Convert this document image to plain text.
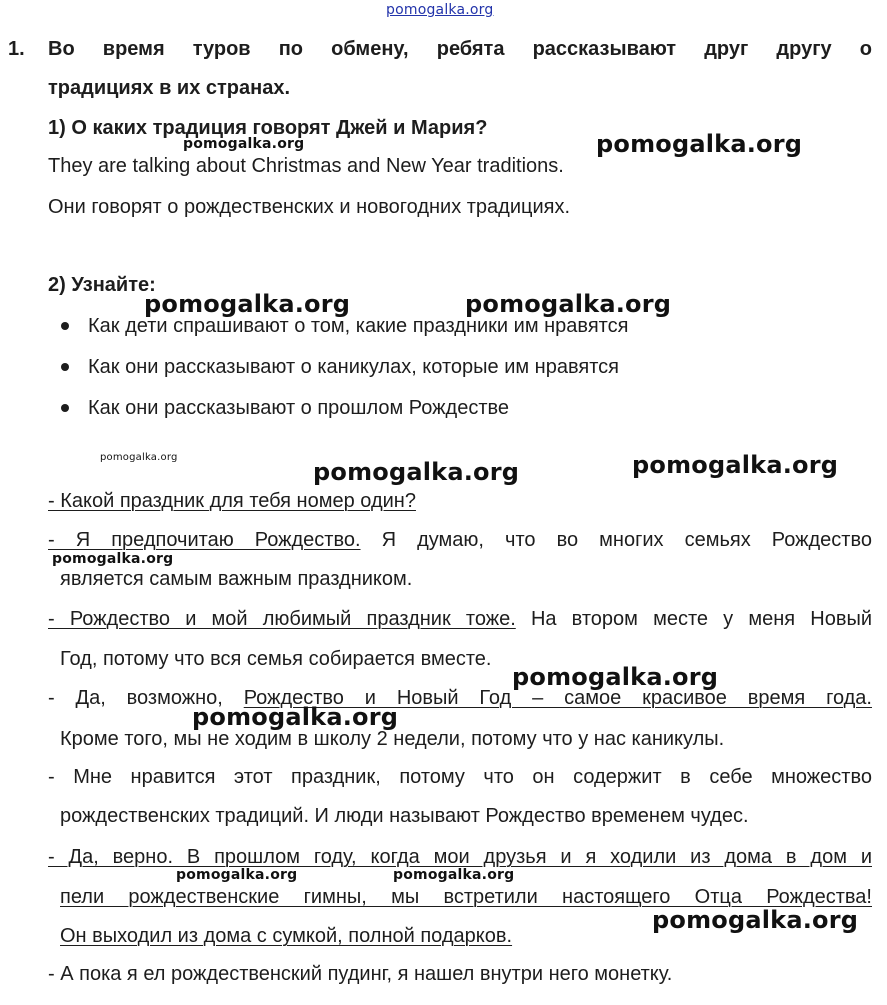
pomogalka.org
1. Во время туров по обмену, ребята рассказывают друг другу о
традициях в их странах.
1) О каких традиция говорят Джей и Мария?
They are talking about Christmas and New Year traditions.
Они говорят о рождественских и новогодних традициях.
2) Узнайте:
Как дети спрашивают о том, какие праздники им нравятся
Как они рассказывают о каникулах, которые им нравятся
Как они рассказывают о прошлом Рождестве
- Какой праздник для тебя номер один?
- Я предпочитаю Рождество. Я думаю, что во многих семьях Рождество
является самым важным праздником.
- Рождество и мой любимый праздник тоже. На втором месте у меня Новый
Год, потому что вся семья собирается вместе.
- Да, возможно, Рождество и Новый Год – самое красивое время года.
Кроме того, мы не ходим в школу 2 недели, потому что у нас каникулы.
- Мне нравится этот праздник, потому что он содержит в себе множество
рождественских традиций. И люди называют Рождество временем чудес.
- Да, верно. В прошлом году, когда мои друзья и я ходили из дома в дом и
пели рождественские гимны, мы встретили настоящего Отца Рождества!
Он выходил из дома с сумкой, полной подарков.
- А пока я ел рождественский пудинг, я нашел внутри него монетку.
pomogalka.org
pomogalka.org
pomogalka.org	pomogalka.org
pomogalka.org
pomogalka.org	pomogalka.org
pomogalka.org
pomogalka.org
pomogalka.org
pomogalka.org	pomogalka.org
pomogalka.org
